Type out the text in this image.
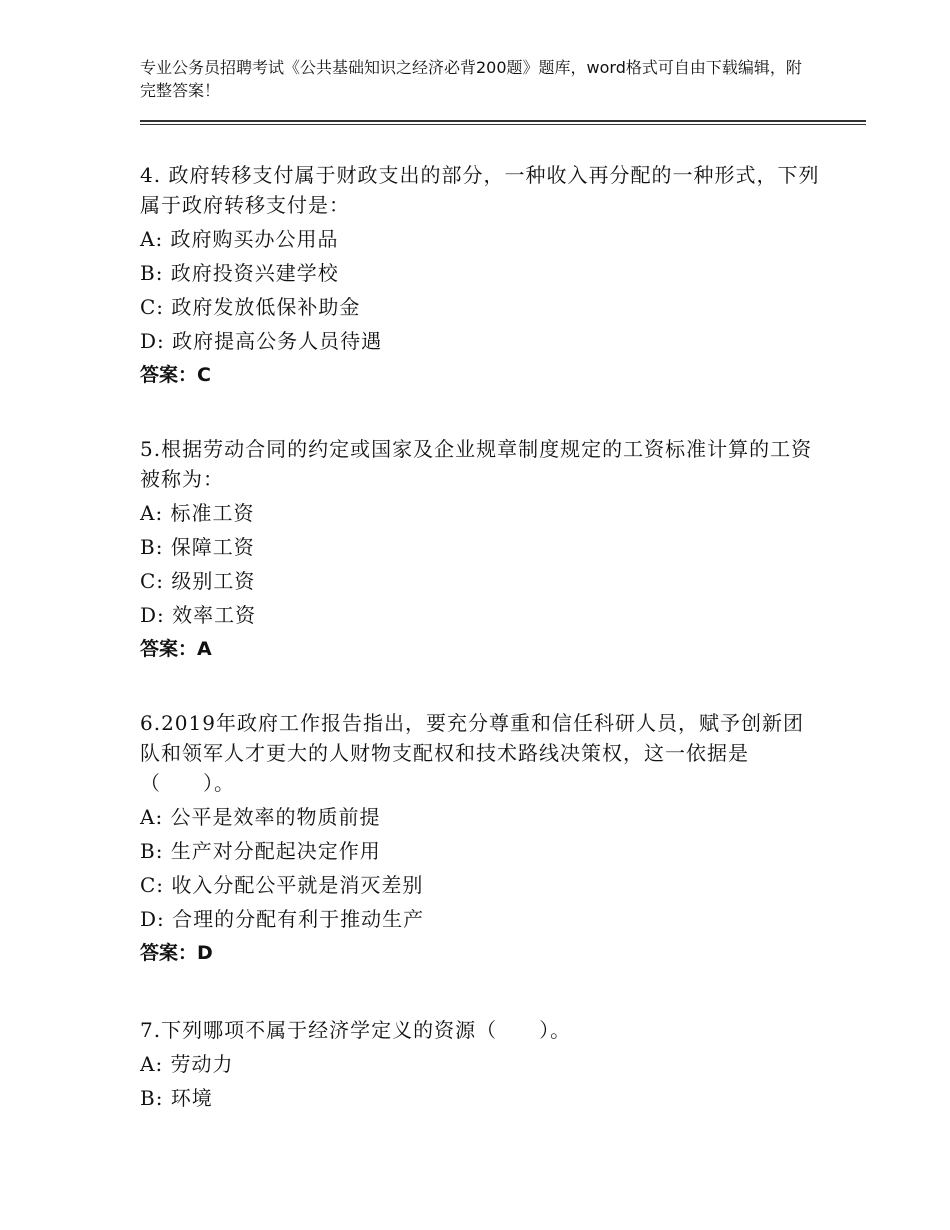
专业公务员招聘考试《公共基础知识之经济必背200题》题库，word格式可自由下载编辑，附完整答案！

4. 政府转移支付属于财政支出的部分，一种收入再分配的一种形式，下列属于政府转移支付是：

A: 政府购买办公用品

B: 政府投资兴建学校

C: 政府发放低保补助金

D: 政府提高公务人员待遇

答案：C

5.根据劳动合同的约定或国家及企业规章制度规定的工资标准计算的工资被称为：

A: 标准工资

B: 保障工资

C: 级别工资

D: 效率工资

答案：A

6.2019年政府工作报告指出，要充分尊重和信任科研人员，赋予创新团队和领军人才更大的人财物支配权和技术路线决策权，这一依据是（　　）。

A: 公平是效率的物质前提

B: 生产对分配起决定作用

C: 收入分配公平就是消灭差别

D: 合理的分配有利于推动生产

答案：D

7.下列哪项不属于经济学定义的资源（　　）。

A: 劳动力

B: 环境
